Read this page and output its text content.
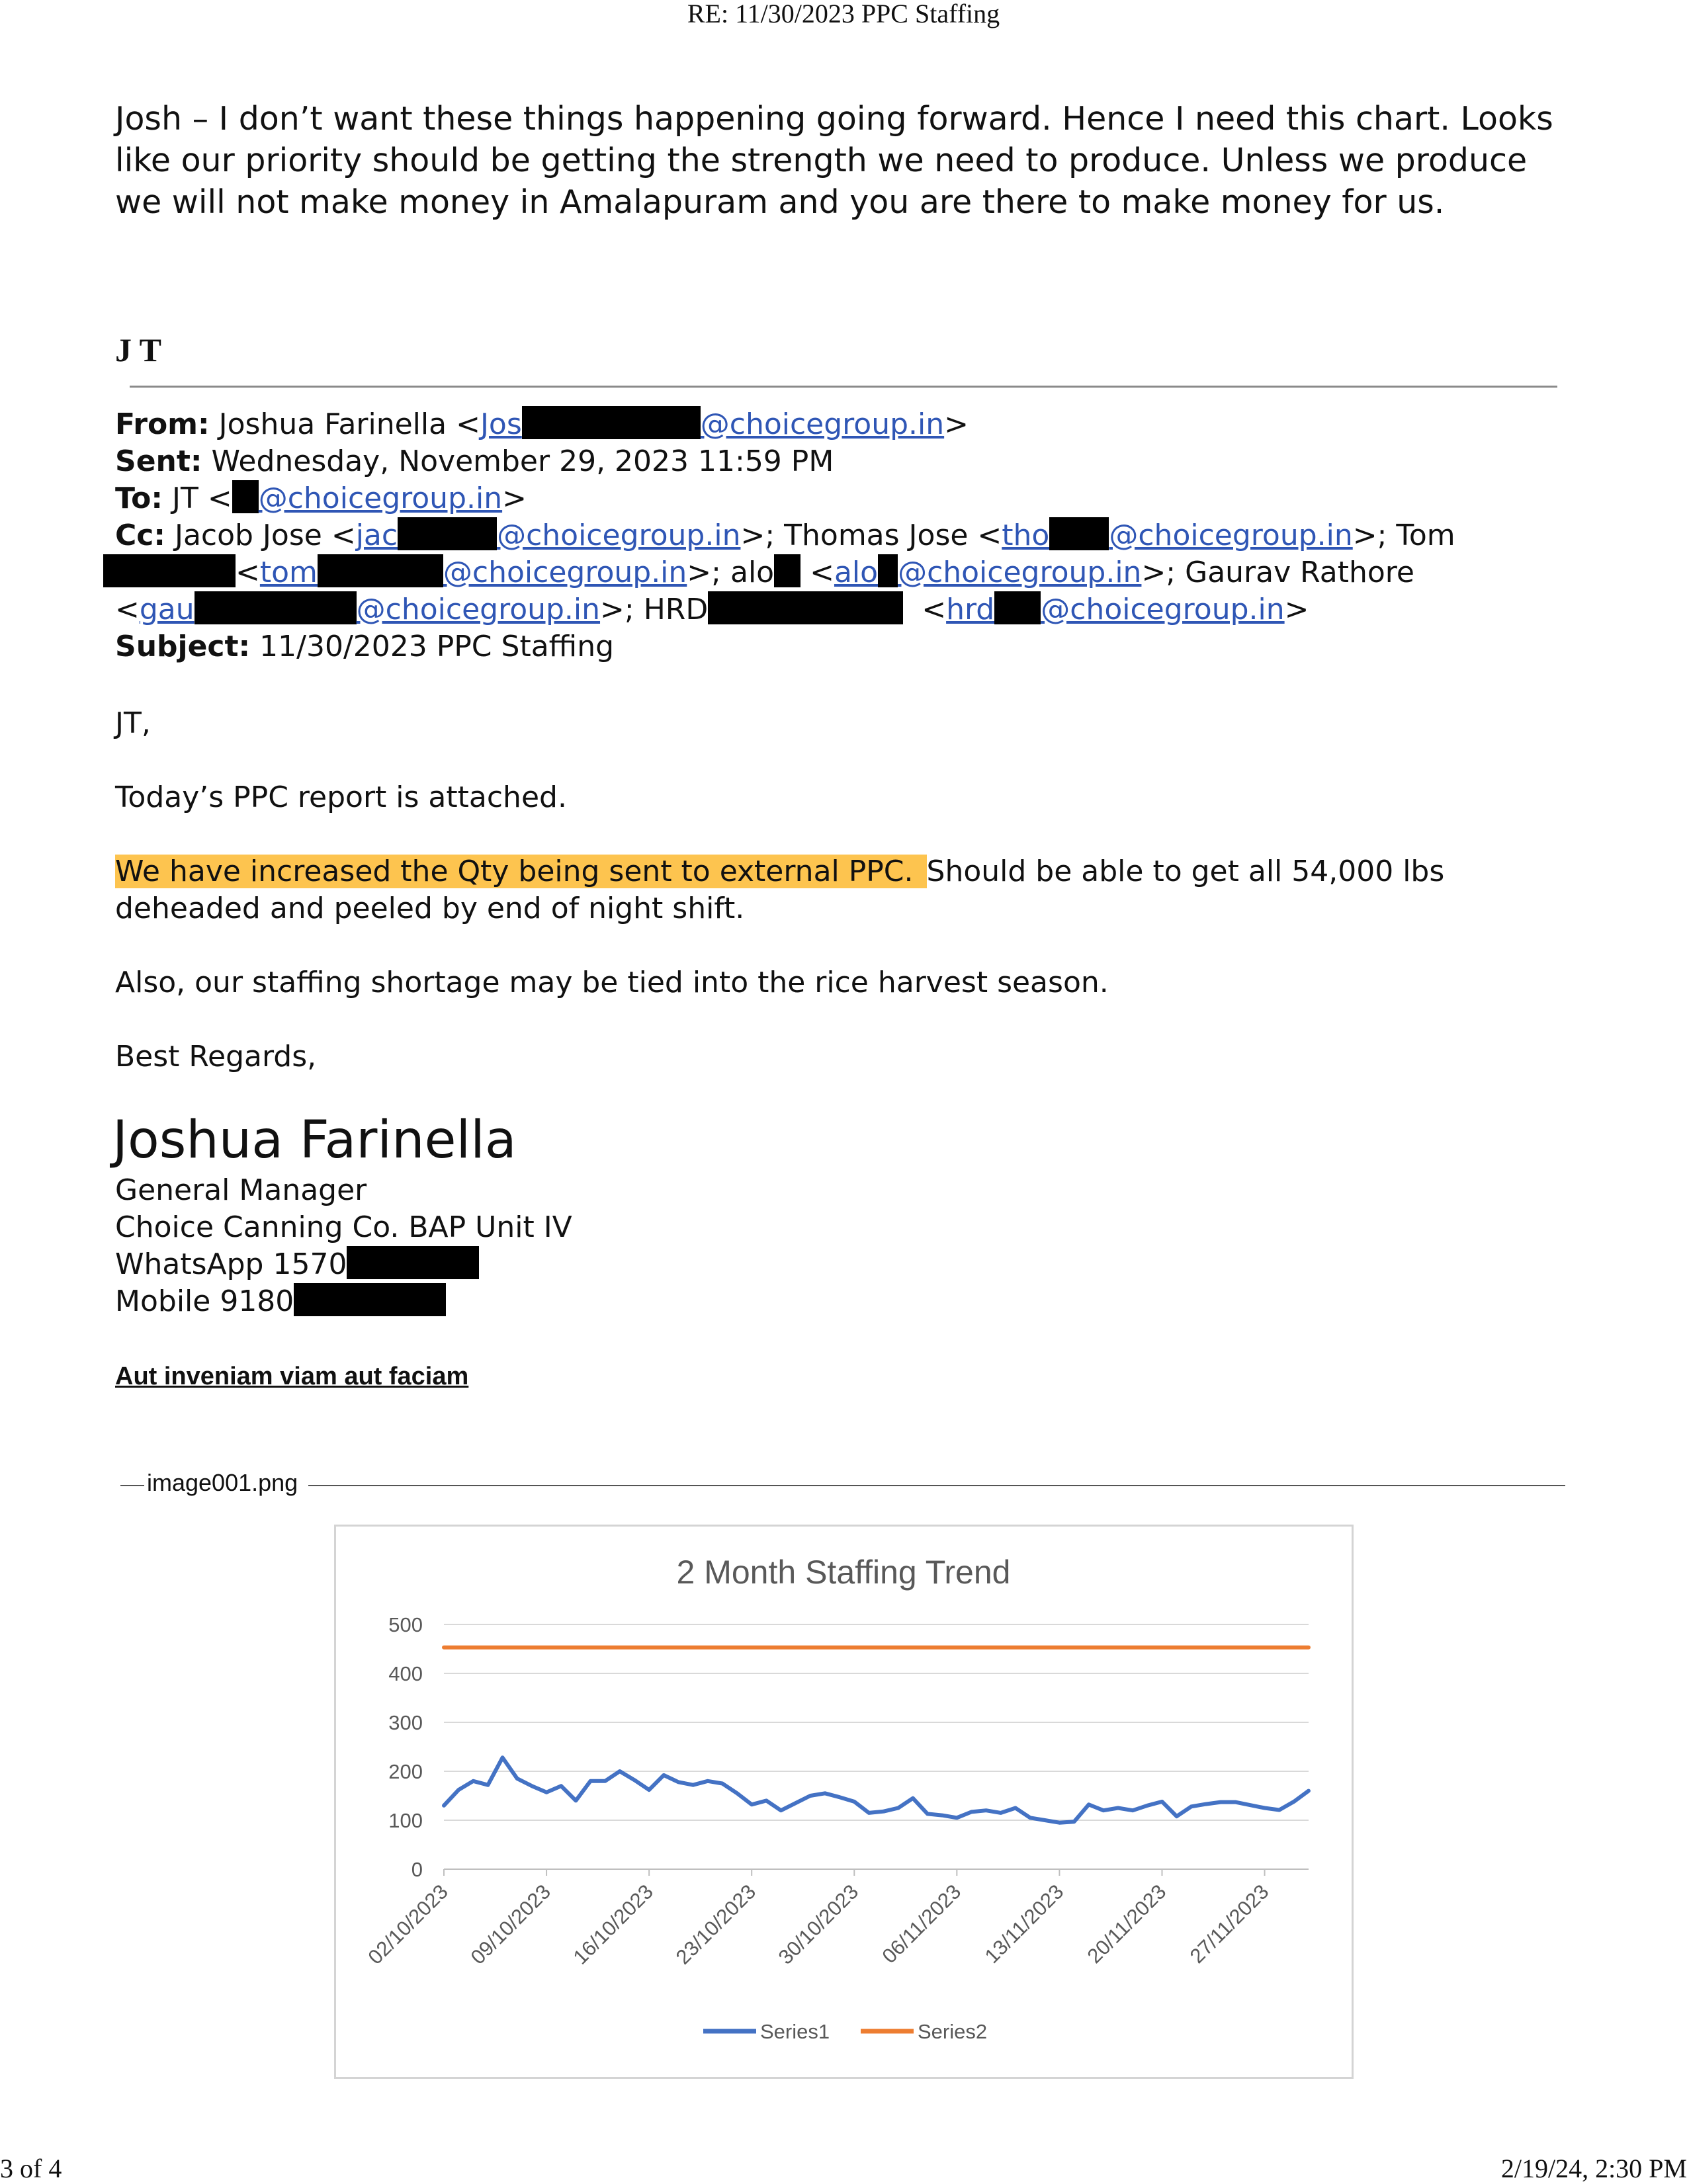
RE: 11/30/2023 PPC Staffing
Josh – I don’t want these things happening going forward. Hence I need this chart. Looks
like our priority should be getting the strength we need to produce. Unless we produce
we will not make money in Amalapuram and you are there to make money for us.
J T
From: Joshua Farinella <Jos	@choicegroup.in>
Sent: Wednesday, November 29, 2023 11:59 PM
To: JT < @choicegroup.in>
Cc: Jacob Jose <jac	@choicegroup.in>; Thomas Jose <tho @choicegroup.in>; Tom
<tom	@choicegroup.in>; alo <alo @choicegroup.in>; Gaurav Rathore
<gau	@choicegroup.in>; HRD	<hrd @choicegroup.in>
Subject: 11/30/2023 PPC Staffing
JT,
Today’s PPC report is attached.
We have increased the Qty being sent to external PPC. Should be able to get all 54,000 lbs
deheaded and peeled by end of night shift.
Also, our staffing shortage may be tied into the rice harvest season.
Best Regards,
Joshua Farinella
General Manager
Choice Canning Co. BAP Unit IV
WhatsApp 1570
Mobile 9180
Aut inveniam viam aut faciam
image001.png
2 Month Staffing Trend
0
100
200
300
400
500
02/10/2023 09/10/2023 16/10/2023 23/10/2023 30/10/2023 06/11/2023 13/11/2023 20/11/2023 27/11/2023
Series1	Series2
3 of 4	2/19/24, 2:30 PM
